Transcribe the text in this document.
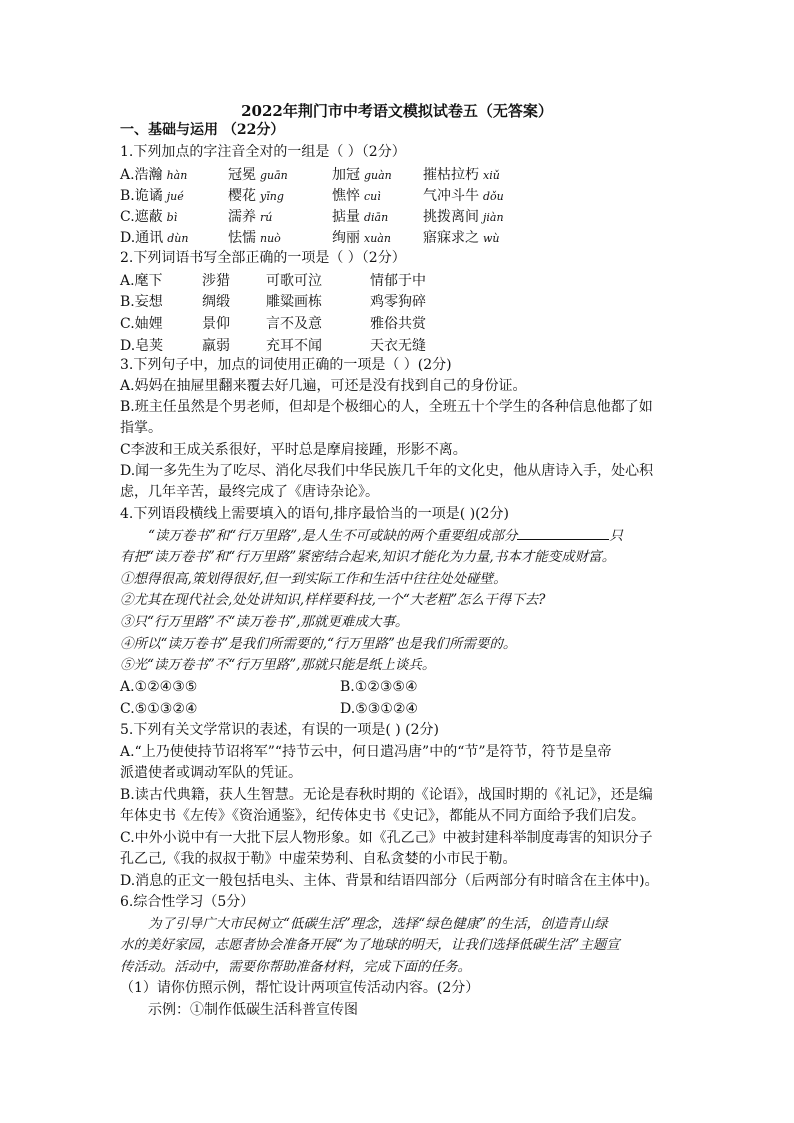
2022年荆门市中考语文模拟试卷五（无答案）
一、基础与运用 （22分）
1.下列加点的字注音全对的一组是（ ）（2分）
A.浩瀚 hàn	冠冕 guān	加冠 guàn 摧枯拉朽 xiǔ
B.诡谲 jué	樱花 yīng	憔悴 cuì	气冲斗牛 dǒu
C.遮蔽 bì	濡养 rú	掂量 diān 挑拨离间 jiàn
D.通讯 dùn	怯懦 nuò	绚丽 xuàn 寤寐求之 wù
2.下列词语书写全部正确的一项是（ ）（2分）
A.麾下	涉猎	可歌可泣	情郁于中
B.妄想	绸缎	雕粱画栋	鸡零狗碎
C.妯娌	景仰	言不及意	雅俗共赏
D.皂荚	羸弱	充耳不闻	天衣无缝
3.下列句子中，加点的词使用正确的一项是（ ）(2分)
A.妈妈在抽屉里翻来覆去好几遍，可还是没有找到自己的身份证。
B.班主任虽然是个男老师，但却是个极细心的人，全班五十个学生的各种信息他都了如
指掌。
C李波和王成关系很好，平时总是摩肩接踵，形影不离。
D.闻一多先生为了吃尽、消化尽我们中华民族几千年的文化史，他从唐诗入手，处心积
虑，几年辛苦，最终完成了《唐诗杂论》。
4.下列语段横线上需要填入的语句,排序最恰当的一项是( )(2分)
“读万卷书”和“行万里路”,是人生不可或缺的两个重要组成部分	只
有把“读万卷书”和“行万里路”紧密结合起来,知识才能化为力量,书本才能变成财富。
①想得很高,策划得很好,但一到实际工作和生活中往往处处碰壁。
②尤其在现代社会,处处讲知识,样样要科技,一个“大老粗”怎么干得下去?
③只“行万里路”不“读万卷书”,那就更难成大事。
④所以“读万卷书”是我们所需要的,“行万里路”也是我们所需要的。
⑤光“读万卷书”不“行万里路”,那就只能是纸上谈兵。
A.①②④③⑤	B.①②③⑤④
C.⑤①③②④	D.⑤③①②④
5.下列有关文学常识的表述，有误的一项是( ) (2分)
A.“上乃使使持节诏将军”“持节云中，何日遣冯唐”中的“节”是符节，符节是皇帝
派遣使者或调动军队的凭证。
B.读古代典籍，获人生智慧。无论是春秋时期的《论语》，战国时期的《礼记》，还是编
年体史书《左传》《资治通鉴》，纪传体史书《史记》，都能从不同方面给予我们启发。
C.中外小说中有一大批下层人物形象。如《孔乙己》中被封建科举制度毒害的知识分子
孔乙己,《我的叔叔于勒》中虚荣势利、自私贪婪的小市民于勒。
D.消息的正文一般包括电头、主体、背景和结语四部分（后两部分有时暗含在主体中)。
6.综合性学习（5分）
为了引导广大市民树立“低碳生活”理念，选择“绿色健康”的生活，创造青山绿
水的美好家园，志愿者协会准备开展“为了地球的明天，让我们选择低碳生活”主题宣
传活动。活动中，需要你帮助准备材料，完成下面的任务。
（1）请你仿照示例，帮忙设计两项宣传活动内容。(2分）
示例：①制作低碳生活科普宣传图
